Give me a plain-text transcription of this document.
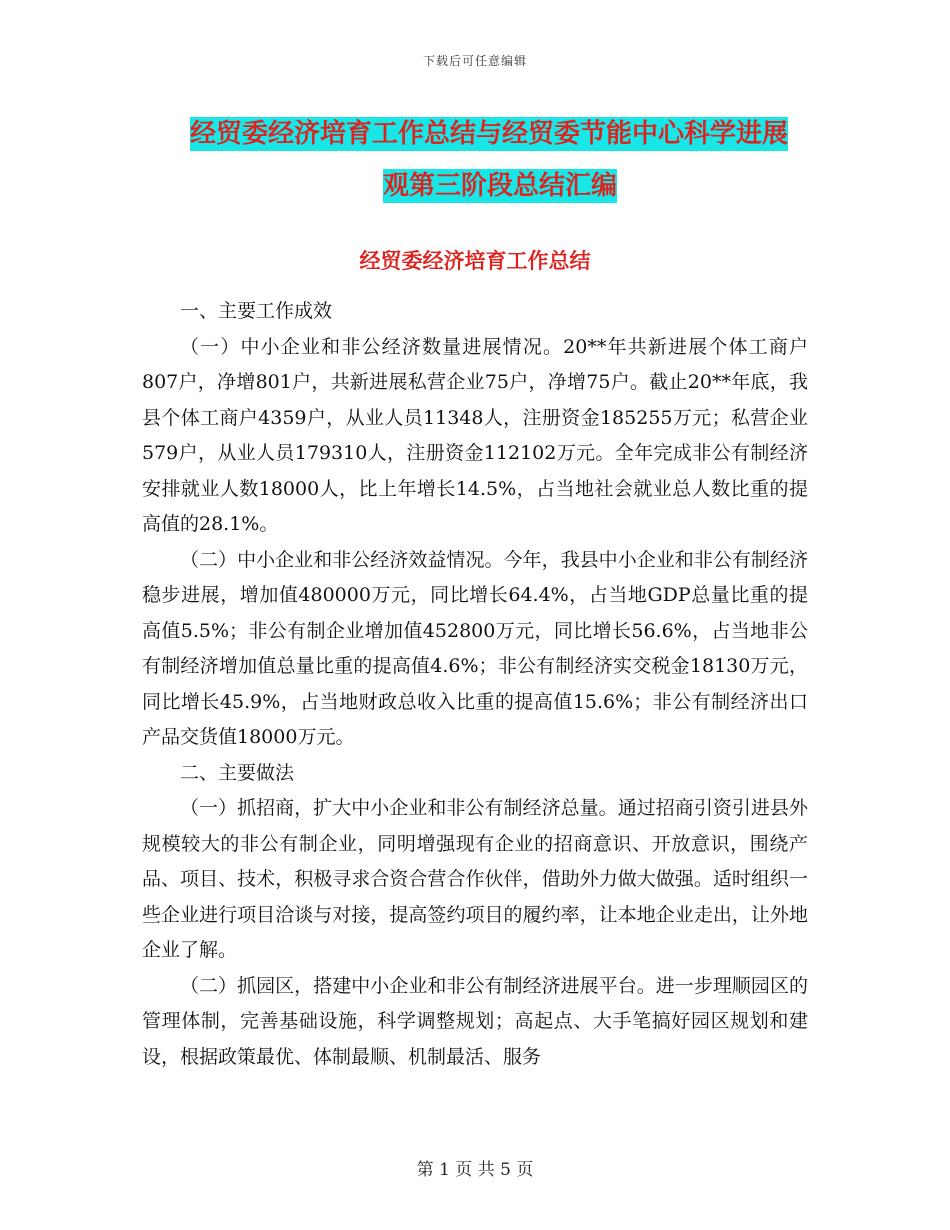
下载后可任意编辑
经贸委经济培育工作总结与经贸委节能中心科学进展
观第三阶段总结汇编
经贸委经济培育工作总结

一、主要工作成效

（一）中小企业和非公经济数量进展情况。20**年共新进展个体工商户807户，净增801户，共新进展私营企业75户，净增75户。截止20**年底，我县个体工商户4359户，从业人员11348人，注册资金185255万元；私营企业579户，从业人员179310人，注册资金112102万元。全年完成非公有制经济安排就业人数18000人，比上年增长14.5%，占当地社会就业总人数比重的提高值的28.1%。

（二）中小企业和非公经济效益情况。今年，我县中小企业和非公有制经济稳步进展，增加值480000万元，同比增长64.4%，占当地GDP总量比重的提高值5.5%；非公有制企业增加值452800万元，同比增长56.6%，占当地非公有制经济增加值总量比重的提高值4.6%；非公有制经济实交税金18130万元，同比增长45.9%，占当地财政总收入比重的提高值15.6%；非公有制经济出口产品交货值18000万元。

二、主要做法

（一）抓招商，扩大中小企业和非公有制经济总量。通过招商引资引进县外规模较大的非公有制企业，同明增强现有企业的招商意识、开放意识，围绕产品、项目、技术，积极寻求合资合营合作伙伴，借助外力做大做强。适时组织一些企业进行项目洽谈与对接，提高签约项目的履约率，让本地企业走出，让外地企业了解。

（二）抓园区，搭建中小企业和非公有制经济进展平台。进一步理顺园区的管理体制，完善基础设施，科学调整规划；高起点、大手笔搞好园区规划和建设，根据政策最优、体制最顺、机制最活、服务

第 1 页 共 5 页
